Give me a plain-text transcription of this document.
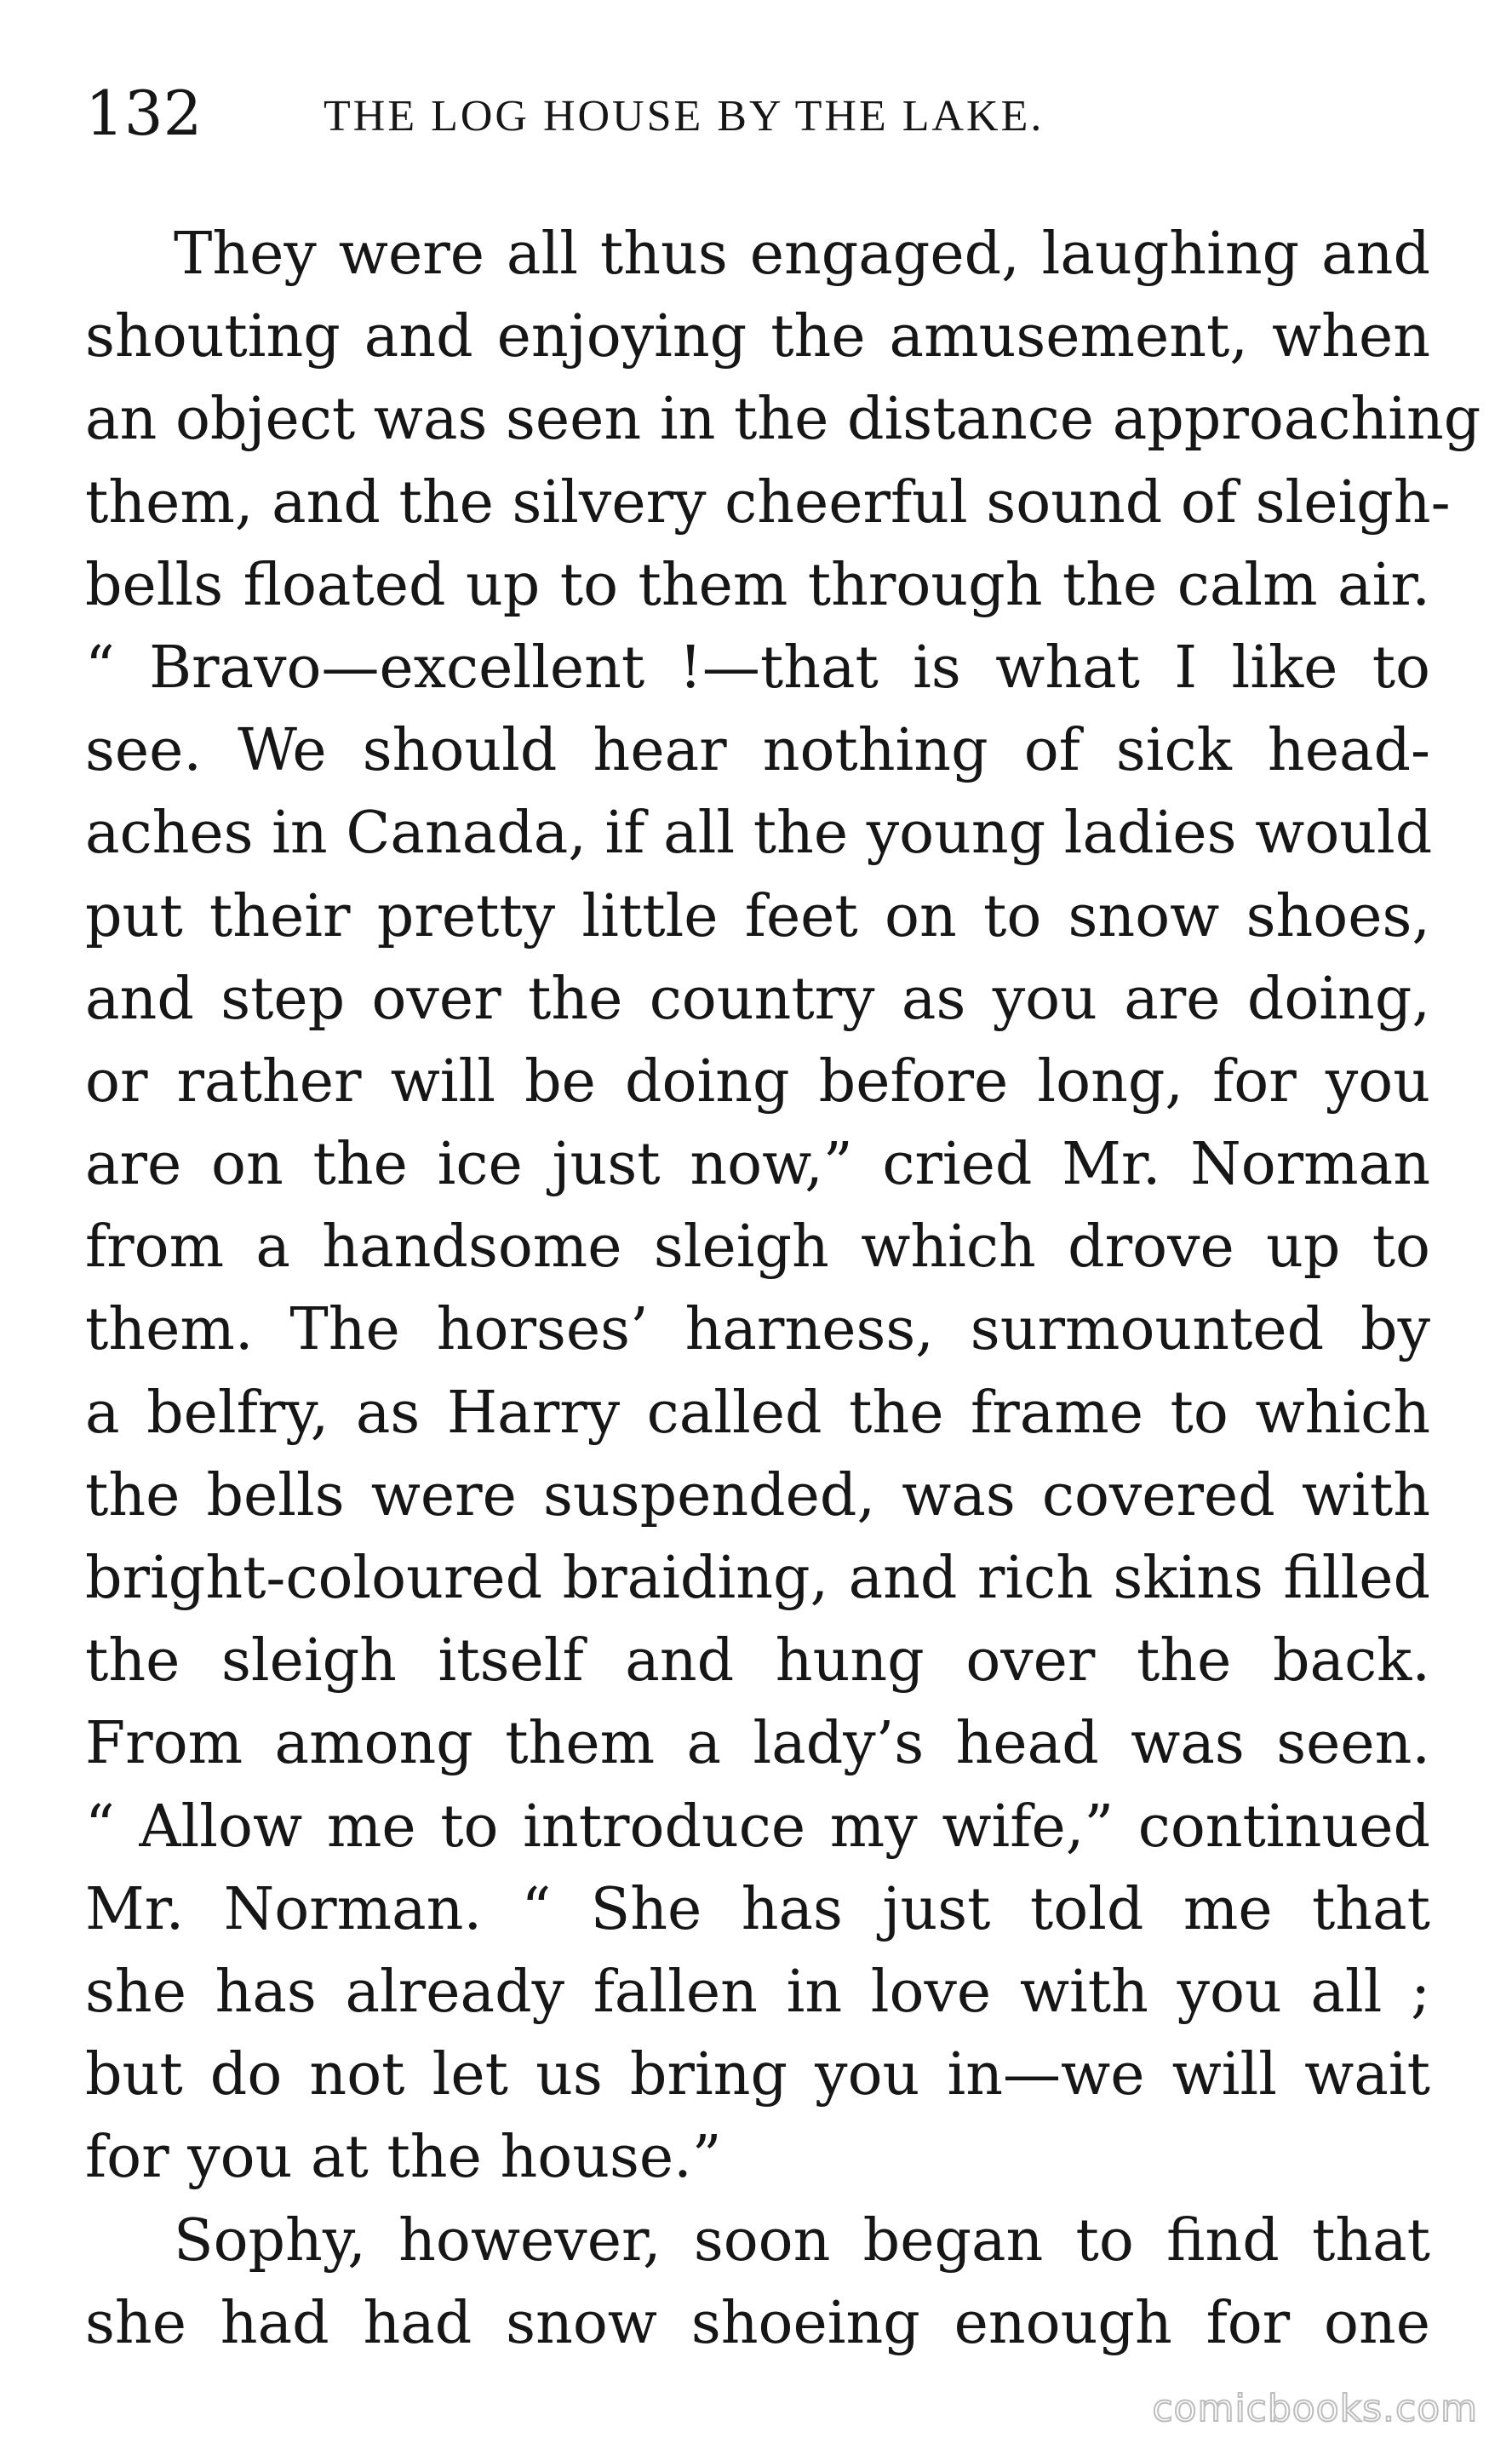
132	THE LOG HOUSE BY THE LAKE.
They were all thus engaged, laughing and
shouting and enjoying the amusement, when
an object was seen in the distance approaching
them, and the silvery cheerful sound of sleigh-
bells floated up to them through the calm air.
“ Bravo—excellent !—that is what I like to
see. We should hear nothing of sick head-
aches in Canada, if all the young ladies would
put their pretty little feet on to snow shoes,
and step over the country as you are doing,
or rather will be doing before long, for you
are on the ice just now,” cried Mr. Norman
from a handsome sleigh which drove up to
them. The horses’ harness, surmounted by
a belfry, as Harry called the frame to which
the bells were suspended, was covered with
bright-coloured braiding, and rich skins filled
the sleigh itself and hung over the back.
From among them a lady’s head was seen.
“ Allow me to introduce my wife,” continued
Mr. Norman. “ She has just told me that
she has already fallen in love with you all ;
but do not let us bring you in—we will wait
for you at the house.”
Sophy, however, soon began to find that
she had had snow shoeing enough for one
comicbooks.com
